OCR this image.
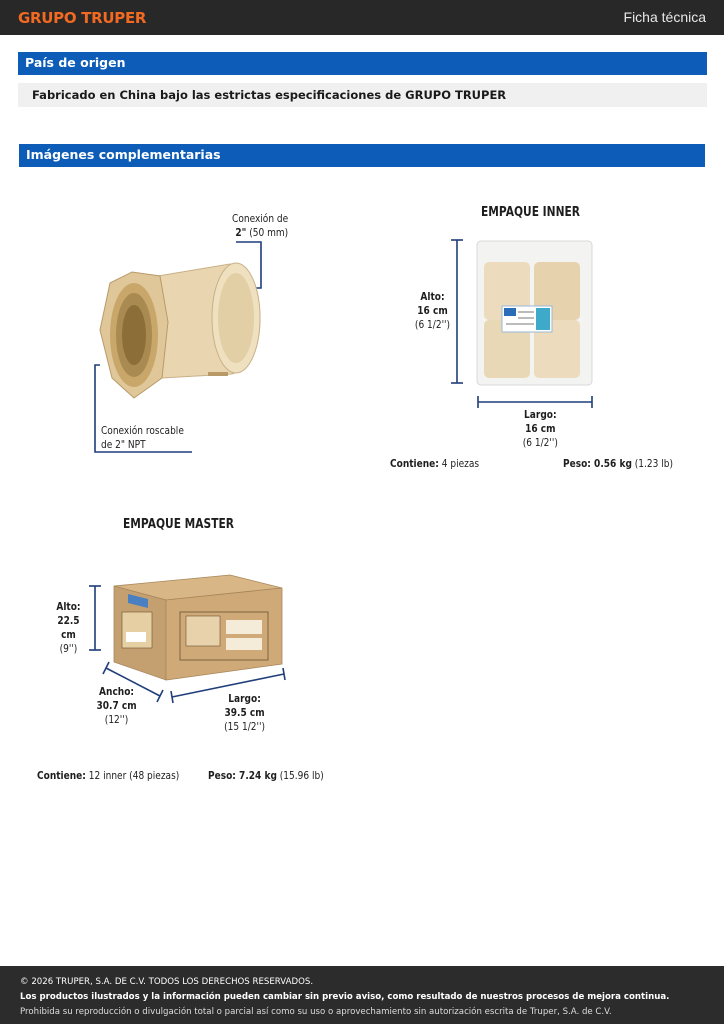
GRUPO TRUPER	Ficha técnica
País de origen
Fabricado en China bajo las estrictas especificaciones de GRUPO TRUPER
Imágenes complementarias
Conexión de
2" (50 mm)
Conexión roscable
de 2" NPT
EMPAQUE INNER
Alto:
16 cm
(6 1/2'')
Largo:
16 cm
(6 1/2'')
Contiene: 4 piezas	Peso: 0.56 kg (1.23 lb)
EMPAQUE MASTER
Alto:
22.5 cm
(9'')
Ancho:
30.7 cm
(12'')
Largo:
39.5 cm
(15 1/2'')
Contiene: 12 inner (48 piezas)	Peso: 7.24 kg (15.96 lb)
© 2026 TRUPER, S.A. DE C.V. TODOS LOS DERECHOS RESERVADOS.
Los productos ilustrados y la información pueden cambiar sin previo aviso, como resultado de nuestros procesos de mejora continua.
Prohibida su reproducción o divulgación total o parcial así como su uso o aprovechamiento sin autorización escrita de Truper, S.A. de C.V.
